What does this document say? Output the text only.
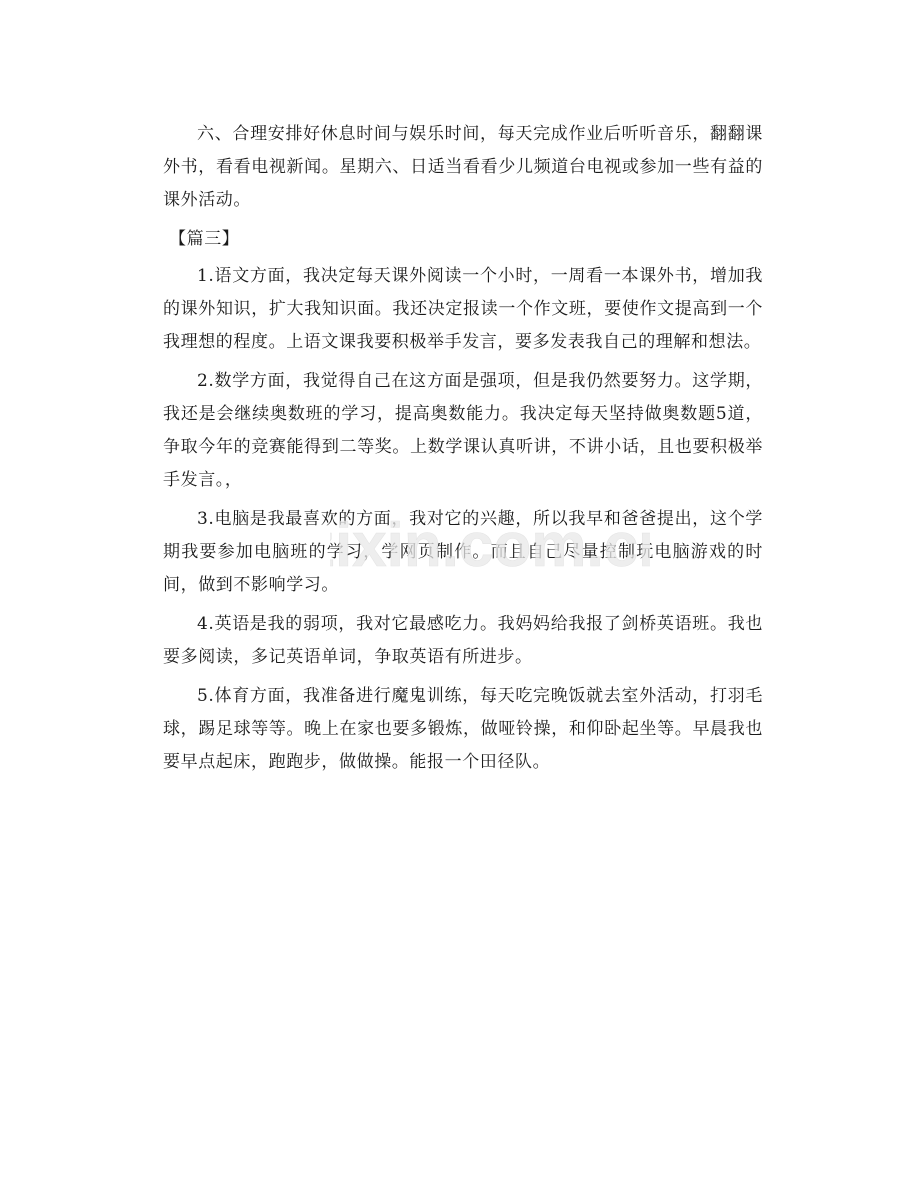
六、合理安排好休息时间与娱乐时间，每天完成作业后听听音乐，翻翻课外书，看看电视新闻。星期六、日适当看看少儿频道台电视或参加一些有益的课外活动。

【篇三】

1.语文方面，我决定每天课外阅读一个小时，一周看一本课外书，增加我的课外知识，扩大我知识面。我还决定报读一个作文班，要使作文提高到一个我理想的程度。上语文课我要积极举手发言，要多发表我自己的理解和想法。

2.数学方面，我觉得自己在这方面是强项，但是我仍然要努力。这学期，我还是会继续奥数班的学习，提高奥数能力。我决定每天坚持做奥数题5道，争取今年的竞赛能得到二等奖。上数学课认真听讲，不讲小话，且也要积极举手发言。，

3.电脑是我最喜欢的方面，我对它的兴趣，所以我早和爸爸提出，这个学期我要参加电脑班的学习，学网页制作。而且自己尽量控制玩电脑游戏的时间，做到不影响学习。

4.英语是我的弱项，我对它最感吃力。我妈妈给我报了剑桥英语班。我也要多阅读，多记英语单词，争取英语有所进步。

5.体育方面，我准备进行魔鬼训练，每天吃完晚饭就去室外活动，打羽毛球，踢足球等等。晚上在家也要多锻炼，做哑铃操，和仰卧起坐等。早晨我也要早点起床，跑跑步，做做操。能报一个田径队。

ixin.com.c
